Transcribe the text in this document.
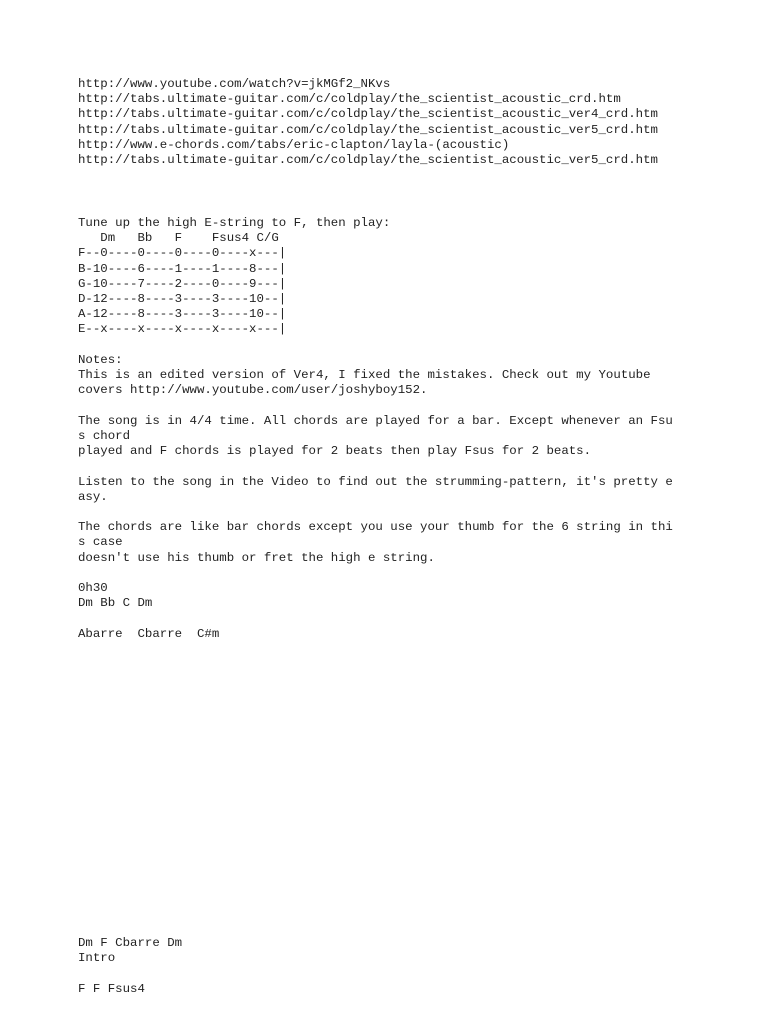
http://www.youtube.com/watch?v=jkMGf2_NKvs
http://tabs.ultimate-guitar.com/c/coldplay/the_scientist_acoustic_crd.htm
http://tabs.ultimate-guitar.com/c/coldplay/the_scientist_acoustic_ver4_crd.htm
http://tabs.ultimate-guitar.com/c/coldplay/the_scientist_acoustic_ver5_crd.htm
http://www.e-chords.com/tabs/eric-clapton/layla-(acoustic)
http://tabs.ultimate-guitar.com/c/coldplay/the_scientist_acoustic_ver5_crd.htm
Tune up the high E-string to F, then play:
Dm   Bb   F    Fsus4 C/G
F--0----0----0----0----x---|
B-10----6----1----1----8---|
G-10----7----2----0----9---|
D-12----8----3----3----10--|
A-12----8----3----3----10--|
E--x----x----x----x----x---|
Notes:
This is an edited version of Ver4, I fixed the mistakes. Check out my Youtube
covers http://www.youtube.com/user/joshyboy152.

The song is in 4/4 time. All chords are played for a bar. Except whenever an Fsu
s chord
played and F chords is played for 2 beats then play Fsus for 2 beats.

Listen to the song in the Video to find out the strumming-pattern, it's pretty e
asy.

The chords are like bar chords except you use your thumb for the 6 string in thi
s case
doesn't use his thumb or fret the high e string.

0h30
Dm Bb C Dm

Abarre  Cbarre  C#m
Dm F Cbarre Dm
Intro

F F Fsus4
